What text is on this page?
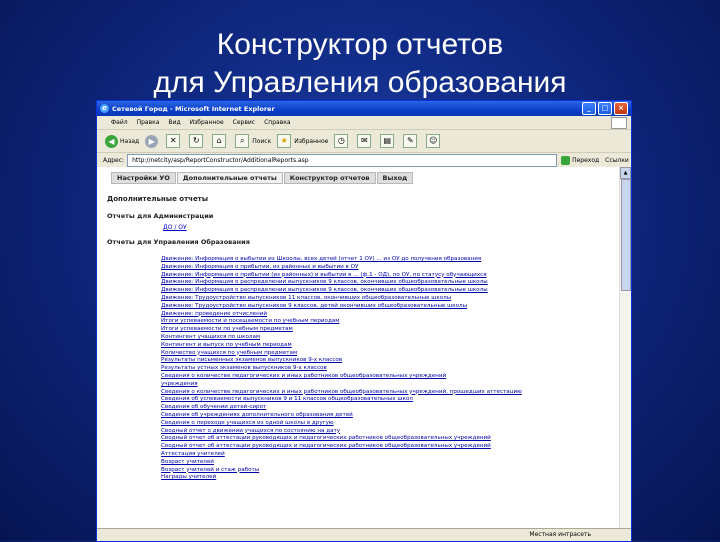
Конструктор отчетов
для Управления образования
e Сетевой Город - Microsoft Internet Explorer	_	□	×
Файл Правка Вид Избранное Сервис Справка
◀ Назад	▶	✕	↻	⌂	⌕	Поиск	★	Избранное	◷	✉	▤	✎	☺
Адрес:	http://netcity/asp/ReportConstructor/AdditionalReports.asp	Переход Ссылки
Настройки УО	Дополнительные отчеты	Конструктор отчетов	Выход
Дополнительные отчеты
Отчеты для Администрации
ДО / ОУ
Отчеты для Управления Образования
Движение: Информация о выбытии из Шкоолы, всех детей (отчет 1 ОУ) ... из ОУ до получения образования
Движение: Информация о прибытии, из районных и выбытии в ОУ
Движение: Информация о прибытии (из районных) и выбытии в ... (ф.1 - ОД), по ОУ, по статусу обучающихся
Движение: Информация о распределении выпускников 9 классов, окончивших общеобразовательные школы
Движение: Информация о распределении выпускников 9 классов, окончивших общеобразовательные школы
Движение: Трудоустройство выпускников 11 классов, окончивших общеобразовательные школы
Движение: Трудоустройство выпускников 9 классов, детей окончивших общеобразовательные школы
Движение: проведение отчислений
Итоги успеваемости и посещаемости по учебным периодам
Итоги успеваемости по учебным предметам
Контингент учащихся по школам
Контингент и выпуск по учебным периодам
Количество учащихся по учебным предметам
Результаты письменных экзаменов выпускников 9-х классов
Результаты устных экзаменов выпускников 9-х классов
Сведения о количестве педагогических и иных работников общеобразовательных учреждений
учреждения
Сведения о количестве педагогических и иных работников общеобразовательных учреждений, прошедших аттестацию
Сведения об успеваемости выпускников 9 и 11 классов общеобразовательных школ
Сведения об обучении детей-сирот
Сведения об учреждениях дополнительного образования детей
Сведения о переходе учащихся из одной школы в другую
Сводный отчет о движении учащихся по состоянию на дату
Сводный отчет об аттестации руководящих и педагогических работников общеобразовательных учреждений
Сводный отчет об аттестации руководящих и педагогических работников общеобразовательных учреждений
Аттестация учителей
Возраст учителей
Возраст учителей и стаж работы
Награды учителей
▲
Местная интрасеть
